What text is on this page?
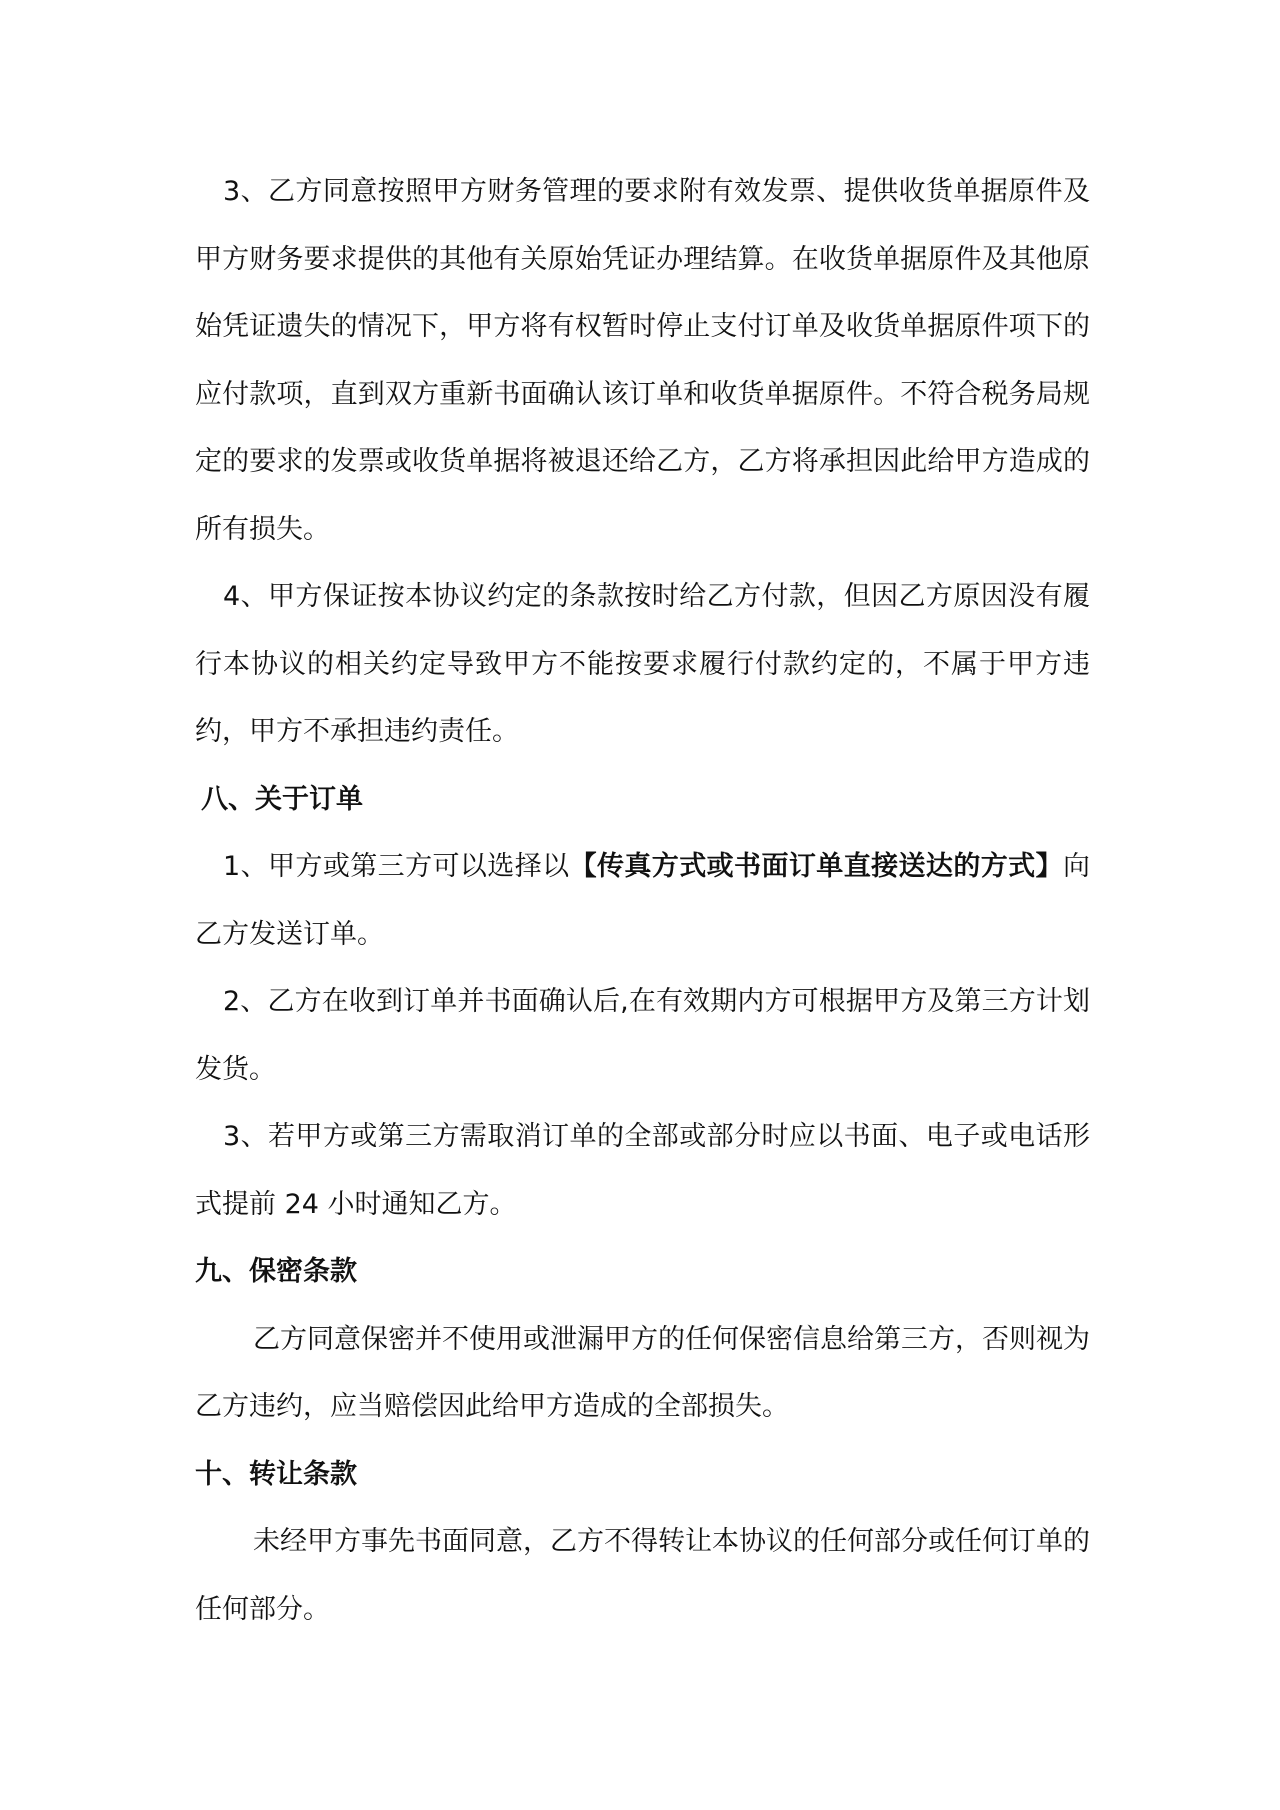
3、乙方同意按照甲方财务管理的要求附有效发票、提供收货单据原件及甲方财务要求提供的其他有关原始凭证办理结算。在收货单据原件及其他原始凭证遗失的情况下，甲方将有权暂时停止支付订单及收货单据原件项下的应付款项，直到双方重新书面确认该订单和收货单据原件。不符合税务局规定的要求的发票或收货单据将被退还给乙方，乙方将承担因此给甲方造成的所有损失。

4、甲方保证按本协议约定的条款按时给乙方付款，但因乙方原因没有履行本协议的相关约定导致甲方不能按要求履行付款约定的，不属于甲方违约，甲方不承担违约责任。

八、关于订单

1、甲方或第三方可以选择以【传真方式或书面订单直接送达的方式】向乙方发送订单。

2、乙方在收到订单并书面确认后,在有效期内方可根据甲方及第三方计划发货。

3、若甲方或第三方需取消订单的全部或部分时应以书面、电子或电话形式提前 24 小时通知乙方。

九、保密条款

乙方同意保密并不使用或泄漏甲方的任何保密信息给第三方，否则视为乙方违约，应当赔偿因此给甲方造成的全部损失。

十、转让条款

未经甲方事先书面同意，乙方不得转让本协议的任何部分或任何订单的任何部分。
